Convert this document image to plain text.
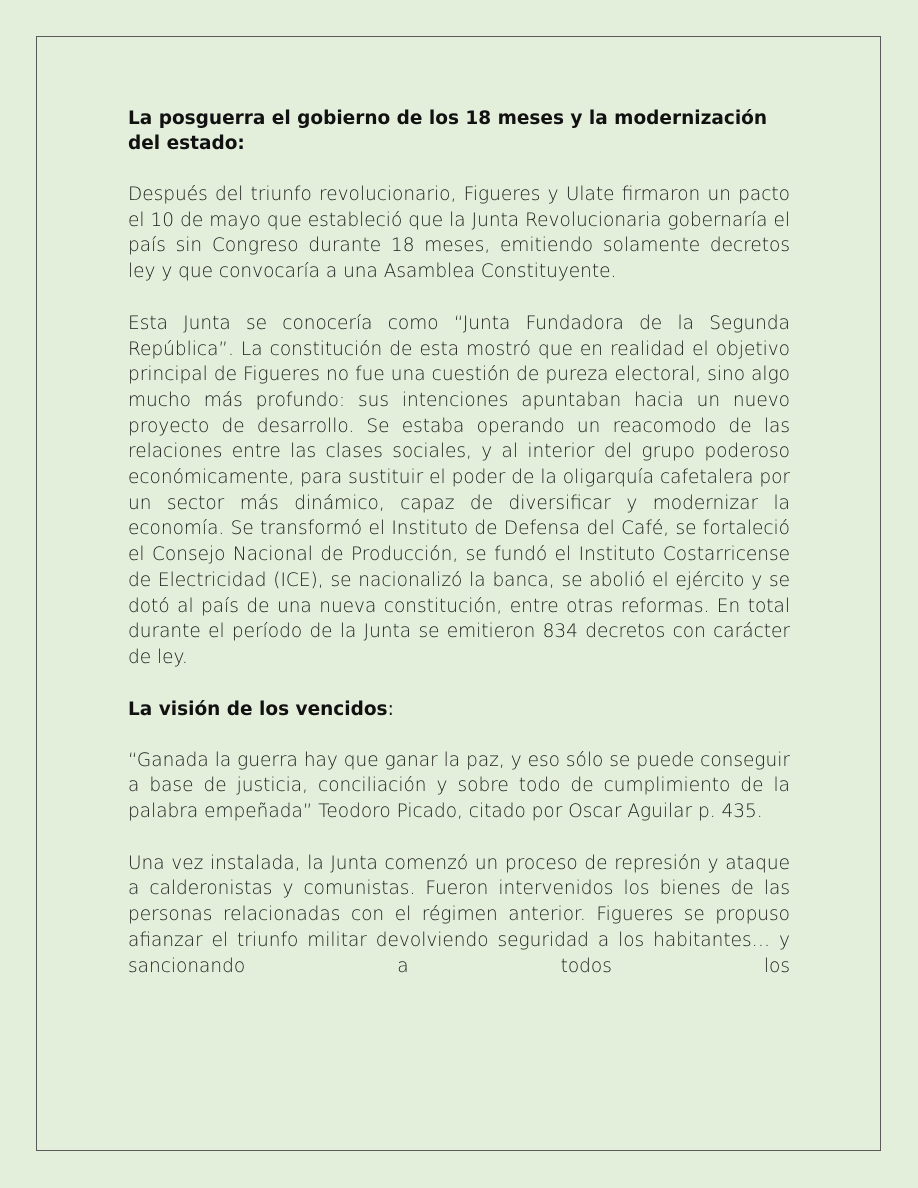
La posguerra el gobierno de los 18 meses y la modernización del estado:

Después del triunfo revolucionario, Figueres y Ulate firmaron un pacto el 10 de mayo que estableció que la Junta Revolucionaria gobernaría el país sin Congreso durante 18 meses, emitiendo solamente decretos ley y que convocaría a una Asamblea Constituyente.

Esta Junta se conocería como “Junta Fundadora de la Segunda República”. La constitución de esta mostró que en realidad el objetivo principal de Figueres no fue una cuestión de pureza electoral, sino algo mucho más profundo: sus intenciones apuntaban hacia un nuevo proyecto de desarrollo. Se estaba operando un reacomodo de las relaciones entre las clases sociales, y al interior del grupo poderoso económicamente, para sustituir el poder de la oligarquía cafetalera por un sector más dinámico, capaz de diversificar y modernizar la economía. Se transformó el Instituto de Defensa del Café, se fortaleció el Consejo Nacional de Producción, se fundó el Instituto Costarricense de Electricidad (ICE), se nacionalizó la banca, se abolió el ejército y se dotó al país de una nueva constitución, entre otras reformas. En total durante el período de la Junta se emitieron 834 decretos con carácter de ley.

La visión de los vencidos:

“Ganada la guerra hay que ganar la paz, y eso sólo se puede conseguir a base de justicia, conciliación y sobre todo de cumplimiento de la palabra empeñada” Teodoro Picado, citado por Oscar Aguilar p. 435.

Una vez instalada, la Junta comenzó un proceso de represión y ataque a calderonistas y comunistas. Fueron intervenidos los bienes de las personas relacionadas con el régimen anterior. Figueres se propuso afianzar el triunfo militar devolviendo seguridad a los habitantes… y sancionando a todos los
